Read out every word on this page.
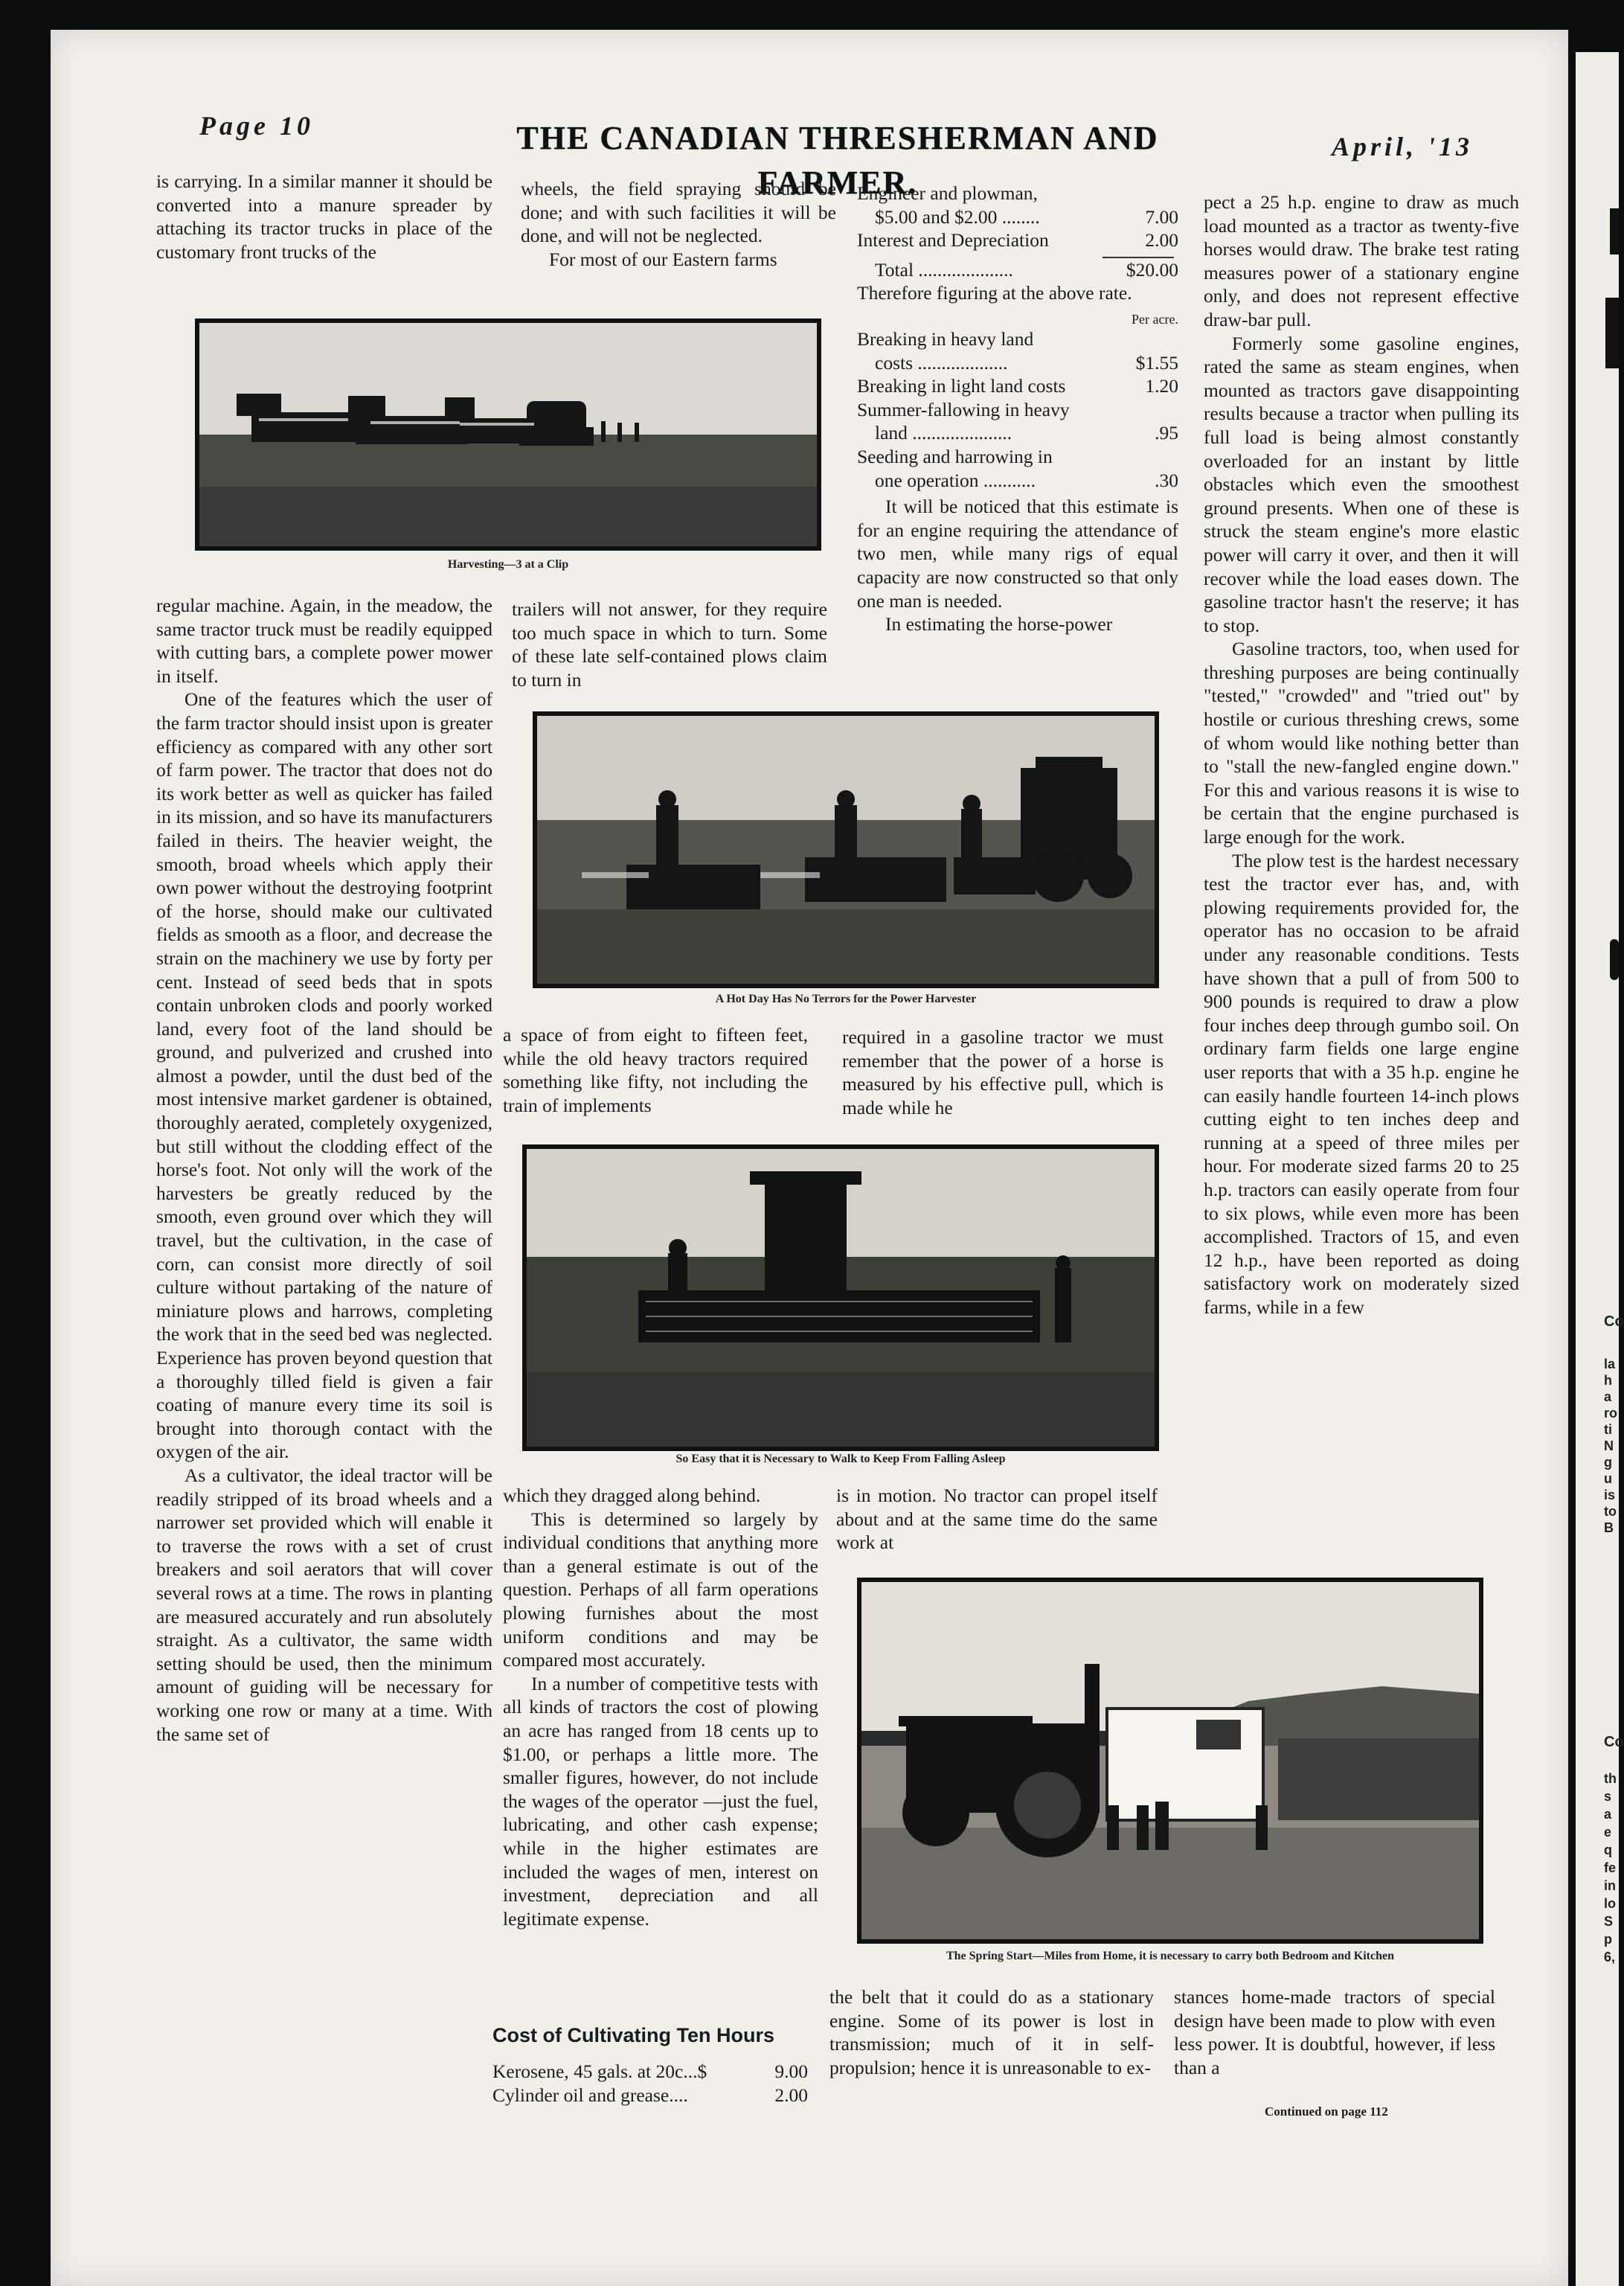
Co
la ha ro ti N gu is to B
Co
th sa eq fe in lo Sp 6,
Page 10	THE CANADIAN THRESHERMAN AND FARMER.
April, '13

is carrying. In a similar manner it should be converted into a manure spreader by attaching its tractor trucks in place of the customary front trucks of the

wheels, the field spraying should be done; and with such facilities it will be done, and will not be neglected.

For most of our Eastern farms

Harvesting—3 at a Clip

regular machine. Again, in the meadow, the same tractor truck must be readily equipped with cutting bars, a complete power mower in itself.

One of the features which the user of the farm tractor should insist upon is greater efficiency as compared with any other sort of farm power. The tractor that does not do its work better as well as quicker has failed in its mission, and so have its manufacturers failed in theirs. The heavier weight, the smooth, broad wheels which apply their own power without the destroying footprint of the horse, should make our cultivated fields as smooth as a floor, and decrease the strain on the machinery we use by forty per cent. Instead of seed beds that in spots contain unbroken clods and poorly worked land, every foot of the land should be ground, and pulverized and crushed into almost a powder, until the dust bed of the most intensive market gardener is obtained, thoroughly aerated, completely oxygenized, but still without the clodding effect of the horse's foot. Not only will the work of the harvesters be greatly reduced by the smooth, even ground over which they will travel, but the cultivation, in the case of corn, can consist more directly of soil culture without partaking of the nature of miniature plows and harrows, completing the work that in the seed bed was neglected. Experience has proven beyond question that a thoroughly tilled field is given a fair coating of manure every time its soil is brought into thorough contact with the oxygen of the air.

As a cultivator, the ideal tractor will be readily stripped of its broad wheels and a narrower set provided which will enable it to traverse the rows with a set of crust breakers and soil aerators that will cover several rows at a time. The rows in planting are measured accurately and run absolutely straight. As a cultivator, the same width setting should be used, then the minimum amount of guiding will be necessary for working one row or many at a time. With the same set of

trailers will not answer, for they require too much space in which to turn. Some of these late self-contained plows claim to turn in

Engineer and plowman,
$5.00 and $2.00 ........	7.00
Interest and Depreciation	2.00
Total ....................	$20.00

Therefore figuring at the above rate.

Per acre.
Breaking in heavy land
costs ...................	$1.55
Breaking in light land costs	1.20
Summer-fallowing in heavy
land .....................	.95
Seeding and harrowing in
one operation ...........	.30

It will be noticed that this estimate is for an engine requiring the attendance of two men, while many rigs of equal capacity are now constructed so that only one man is needed.

In estimating the horse-power

pect a 25 h.p. engine to draw as much load mounted as a tractor as twenty-five horses would draw. The brake test rating measures power of a stationary engine only, and does not represent effective draw-bar pull.

Formerly some gasoline engines, rated the same as steam engines, when mounted as tractors gave disappointing results because a tractor when pulling its full load is being almost constantly overloaded for an instant by little obstacles which even the smoothest ground presents. When one of these is struck the steam engine's more elastic power will carry it over, and then it will recover while the load eases down. The gasoline tractor hasn't the reserve; it has to stop.

Gasoline tractors, too, when used for threshing purposes are being continually "tested," "crowded" and "tried out" by hostile or curious threshing crews, some of whom would like nothing better than to "stall the new-fangled engine down." For this and various reasons it is wise to be certain that the engine purchased is large enough for the work.

The plow test is the hardest necessary test the tractor ever has, and, with plowing requirements provided for, the operator has no occasion to be afraid under any reasonable conditions. Tests have shown that a pull of from 500 to 900 pounds is required to draw a plow four inches deep through gumbo soil. On ordinary farm fields one large engine user reports that with a 35 h.p. engine he can easily handle fourteen 14-inch plows cutting eight to ten inches deep and running at a speed of three miles per hour. For moderate sized farms 20 to 25 h.p. tractors can easily operate from four to six plows, while even more has been accomplished. Tractors of 15, and even 12 h.p., have been reported as doing satisfactory work on moderately sized farms, while in a few

A Hot Day Has No Terrors for the Power Harvester

a space of from eight to fifteen feet, while the old heavy tractors required something like fifty, not including the train of implements

required in a gasoline tractor we must remember that the power of a horse is measured by his effective pull, which is made while he

So Easy that it is Necessary to Walk to Keep From Falling Asleep

which they dragged along behind.

This is determined so largely by individual conditions that anything more than a general estimate is out of the question. Perhaps of all farm operations plowing furnishes about the most uniform conditions and may be compared most accurately.

In a number of competitive tests with all kinds of tractors the cost of plowing an acre has ranged from 18 cents up to $1.00, or perhaps a little more. The smaller figures, however, do not include the wages of the operator —just the fuel, lubricating, and other cash expense; while in the higher estimates are included the wages of men, interest on investment, depreciation and all legitimate expense.

Cost of Cultivating Ten Hours
Kerosene, 45 gals. at 20c...$	9.00
Cylinder oil and grease....	2.00

is in motion. No tractor can propel itself about and at the same time do the same work at

The Spring Start—Miles from Home, it is necessary to carry both Bedroom and Kitchen

the belt that it could do as a stationary engine. Some of its power is lost in transmission; much of it in self-propulsion; hence it is unreasonable to ex-

stances home-made tractors of special design have been made to plow with even less power. It is doubtful, however, if less than a

Continued on page 112
